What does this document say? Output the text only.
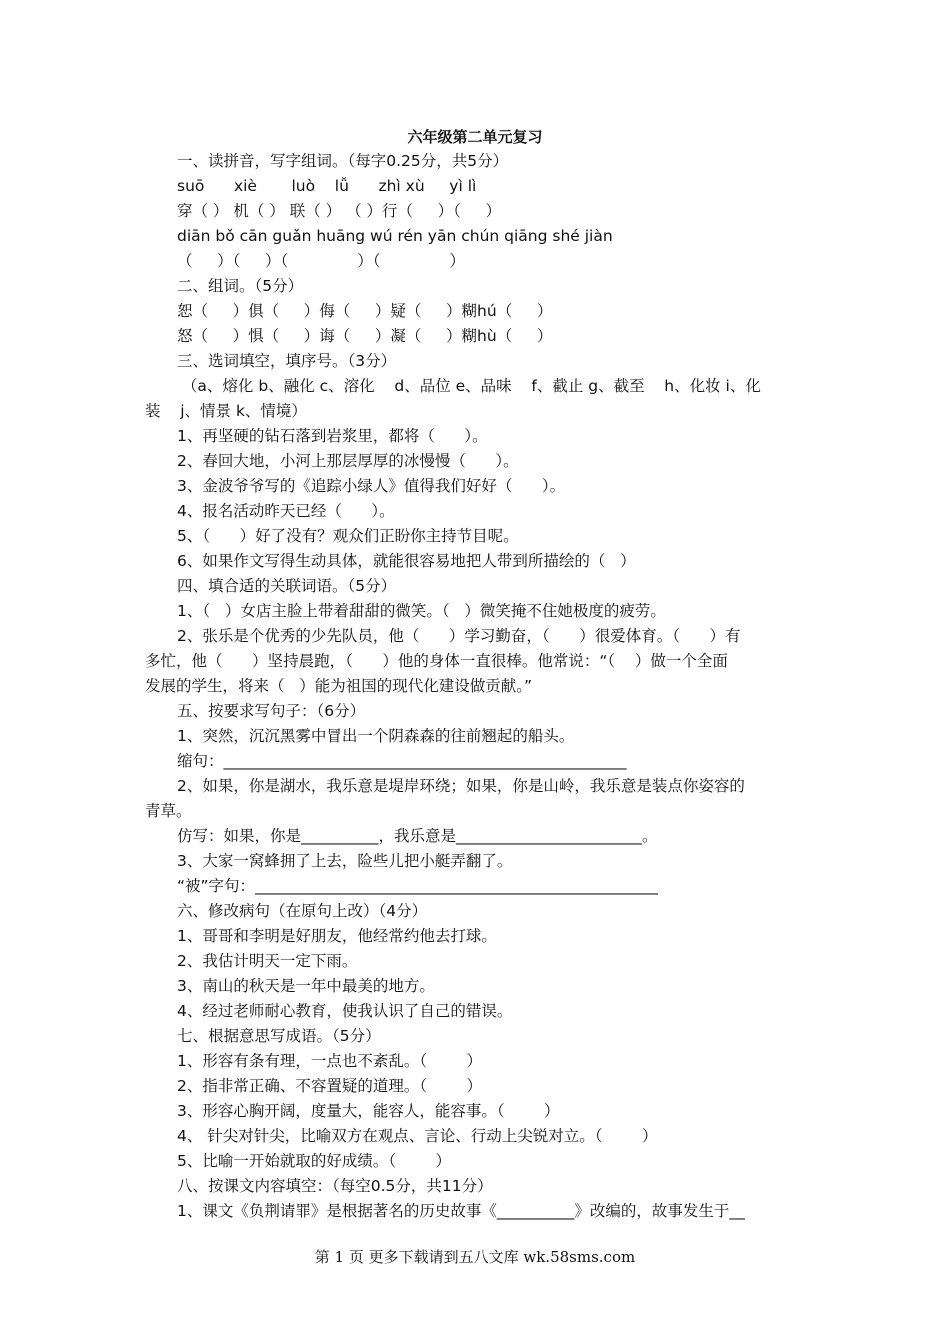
六年级第二单元复习
一、读拼音，写字组词。（每字0.25分，共5分）
suō      xiè       luò    lǚ      zhì xù     yì lì
穿（ ） 机（ ） 联（ ） （ ）行（     ）（     ）
diān bǒ cān guǎn huāng wú rén yān chún qiāng shé jiàn
（     ）（     ）（              ）（              ）
二、组词。（5分）
恕（     ）俱（     ）侮（     ）疑（     ）糊hú（     ）
怒（     ）惧（     ）诲（     ）凝（     ）糊hù（     ）
三、选词填空，填序号。（3分）
（a、熔化 b、融化 c、溶化    d、品位 e、品味    f、截止 g、截至    h、化妆 i、化
装    j、情景 k、情境）
1、再坚硬的钻石落到岩浆里，都将（      ）。
2、春回大地，小河上那层厚厚的冰慢慢（      ）。
3、金波爷爷写的《追踪小绿人》值得我们好好（      ）。
4、报名活动昨天已经（      ）。
5、（      ）好了没有？观众们正盼你主持节目呢。
6、如果作文写得生动具体，就能很容易地把人带到所描绘的（   ）
四、填合适的关联词语。（5分）
1、（   ）女店主脸上带着甜甜的微笑。（   ）微笑掩不住她极度的疲劳。
2、张乐是个优秀的少先队员，他（      ）学习勤奋，（      ）很爱体育。（      ）有
多忙，他（      ）坚持晨跑，（      ）他的身体一直很棒。他常说：“（    ）做一个全面
发展的学生，将来（   ）能为祖国的现代化建设做贡献。”
五、按要求写句子：（6分）
1、突然，沉沉黑雾中冒出一个阴森森的往前翘起的船头。
缩句：____________________________________________________
2、如果，你是湖水，我乐意是堤岸环绕；如果，你是山岭，我乐意是装点你姿容的
青草。
仿写：如果，你是__________，我乐意是________________________。
3、大家一窝蜂拥了上去，险些儿把小艇弄翻了。
“被”字句：____________________________________________________
六、修改病句（在原句上改）（4分）
1、哥哥和李明是好朋友，他经常约他去打球。
2、我估计明天一定下雨。
3、南山的秋天是一年中最美的地方。
4、经过老师耐心教育，使我认识了自己的错误。
七、根据意思写成语。（5分）
1、形容有条有理，一点也不紊乱。（        ）
2、指非常正确、不容置疑的道理。（        ）
3、形容心胸开阔，度量大，能容人，能容事。（        ）
4、 针尖对针尖，比喻双方在观点、言论、行动上尖锐对立。（        ）
5、比喻一开始就取的好成绩。（        ）
八、按课文内容填空：（每空0.5分，共11分）
1、课文《负荆请罪》是根据著名的历史故事《__________》改编的，故事发生于__
第 1 页 更多下载请到五八文库 wk.58sms.com
